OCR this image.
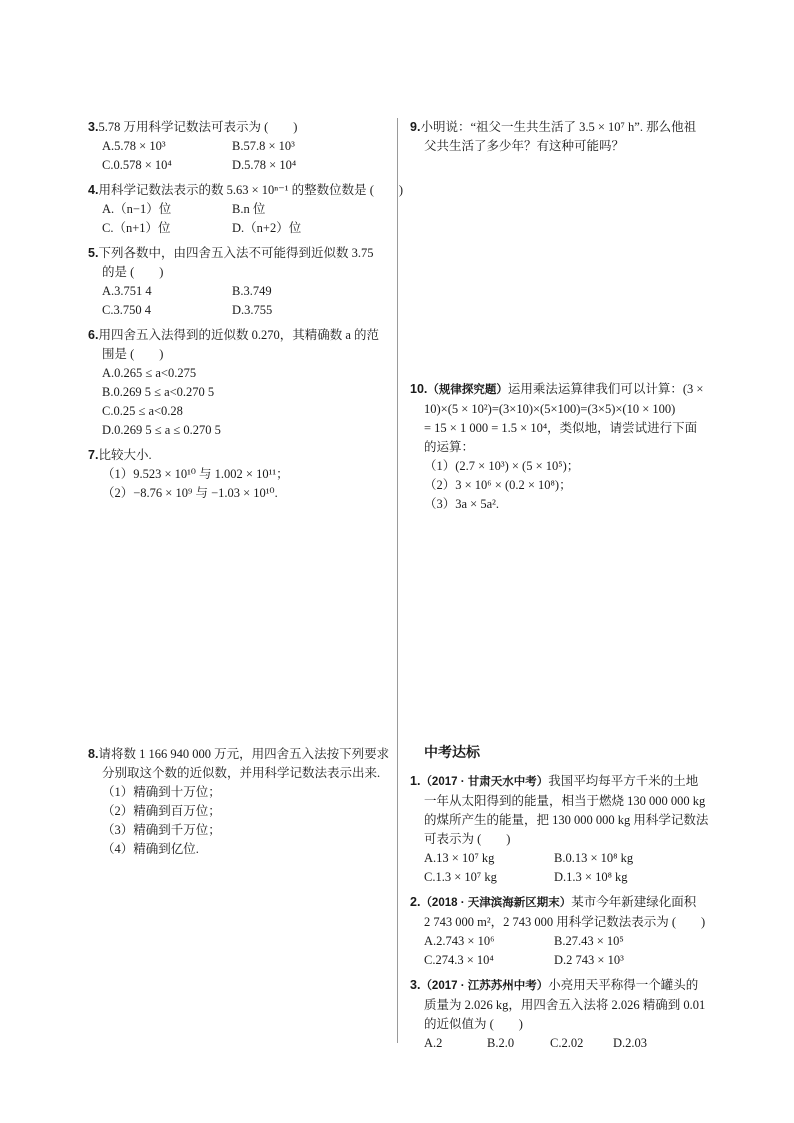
3.5.78 万用科学记数法可表示为 (　　)
A.5.78 × 10³	B.57.8 × 10³
C.0.578 × 10⁴	D.5.78 × 10⁴
4.用科学记数法表示的数 5.63 × 10ⁿ⁻¹ 的整数位数是 (　　)
A.（n−1）位	B.n 位
C.（n+1）位	D.（n+2）位
5.下列各数中，由四舍五入法不可能得到近似数 3.75
的是 (　　)
A.3.751 4	B.3.749
C.3.750 4	D.3.755
6.用四舍五入法得到的近似数 0.270，其精确数 a 的范
围是 (　　)
A.0.265 ≤ a<0.275
B.0.269 5 ≤ a<0.270 5
C.0.25 ≤ a<0.28
D.0.269 5 ≤ a ≤ 0.270 5
7.比较大小.
（1）9.523 × 10¹⁰ 与 1.002 × 10¹¹；
（2）−8.76 × 10⁹ 与 −1.03 × 10¹⁰.
8.请将数 1 166 940 000 万元，用四舍五入法按下列要求
分别取这个数的近似数，并用科学记数法表示出来.
（1）精确到十万位；
（2）精确到百万位；
（3）精确到千万位；
（4）精确到亿位.
9.小明说：“祖父一生共生活了 3.5 × 10⁷ h”. 那么他祖
父共生活了多少年？有这种可能吗？
10.（规律探究题）运用乘法运算律我们可以计算：(3 ×
10)×(5 × 10²)=(3×10)×(5×100)=(3×5)×(10 × 100)
= 15 × 1 000 = 1.5 × 10⁴，类似地，请尝试进行下面
的运算：
（1）(2.7 × 10³) × (5 × 10⁵)；
（2）3 × 10⁶ × (0.2 × 10⁸)；
（3）3a × 5a².
中考达标
1.（2017 · 甘肃天水中考）我国平均每平方千米的土地
一年从太阳得到的能量，相当于燃烧 130 000 000 kg
的煤所产生的能量，把 130 000 000 kg 用科学记数法
可表示为 (　　)
A.13 × 10⁷ kg	B.0.13 × 10⁸ kg
C.1.3 × 10⁷ kg	D.1.3 × 10⁸ kg
2.（2018 · 天津滨海新区期末）某市今年新建绿化面积
2 743 000 m²，2 743 000 用科学记数法表示为 (　　)
A.2.743 × 10⁶	B.27.43 × 10⁵
C.274.3 × 10⁴	D.2 743 × 10³
3.（2017 · 江苏苏州中考）小亮用天平称得一个罐头的
质量为 2.026 kg，用四舍五入法将 2.026 精确到 0.01
的近似值为 (　　)
A.2	B.2.0	C.2.02	D.2.03
